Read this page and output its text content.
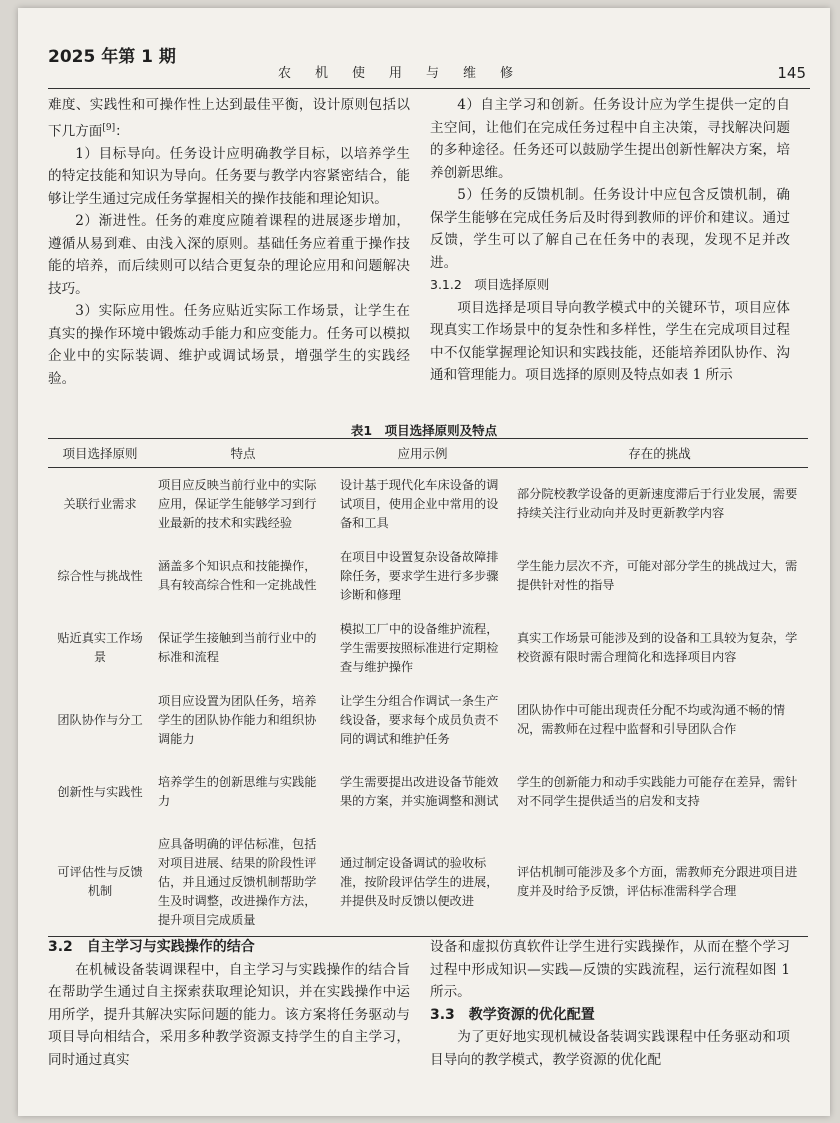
2025 年第 1 期
农机使用与维修	145

难度、实践性和可操作性上达到最佳平衡，设计原则包括以下几方面[9]：

1）目标导向。任务设计应明确教学目标，以培养学生的特定技能和知识为导向。任务要与教学内容紧密结合，能够让学生通过完成任务掌握相关的操作技能和理论知识。

2）渐进性。任务的难度应随着课程的进展逐步增加，遵循从易到难、由浅入深的原则。基础任务应着重于操作技能的培养，而后续则可以结合更复杂的理论应用和问题解决技巧。

3）实际应用性。任务应贴近实际工作场景，让学生在真实的操作环境中锻炼动手能力和应变能力。任务可以模拟企业中的实际装调、维护或调试场景，增强学生的实践经验。

4）自主学习和创新。任务设计应为学生提供一定的自主空间，让他们在完成任务过程中自主决策，寻找解决问题的多种途径。任务还可以鼓励学生提出创新性解决方案，培养创新思维。

5）任务的反馈机制。任务设计中应包含反馈机制，确保学生能够在完成任务后及时得到教师的评价和建议。通过反馈，学生可以了解自己在任务中的表现，发现不足并改进。

3.1.2　项目选择原则

项目选择是项目导向教学模式中的关键环节，项目应体现真实工作场景中的复杂性和多样性，学生在完成项目过程中不仅能掌握理论知识和实践技能，还能培养团队协作、沟通和管理能力。项目选择的原则及特点如表 1 所示

表1　项目选择原则及特点
项目选择原则	特点	应用示例	存在的挑战
关联行业需求	项目应反映当前行业中的实际应用，保证学生能够学习到行业最新的技术和实践经验	设计基于现代化车床设备的调试项目，使用企业中常用的设备和工具	部分院校教学设备的更新速度滞后于行业发展，需要持续关注行业动向并及时更新教学内容
综合性与挑战性	涵盖多个知识点和技能操作，具有较高综合性和一定挑战性	在项目中设置复杂设备故障排除任务，要求学生进行多步骤诊断和修理	学生能力层次不齐，可能对部分学生的挑战过大，需提供针对性的指导
贴近真实工作场景	保证学生接触到当前行业中的标准和流程	模拟工厂中的设备维护流程，学生需要按照标准进行定期检查与维护操作	真实工作场景可能涉及到的设备和工具较为复杂，学校资源有限时需合理简化和选择项目内容
团队协作与分工	项目应设置为团队任务，培养学生的团队协作能力和组织协调能力	让学生分组合作调试一条生产线设备，要求每个成员负责不同的调试和维护任务	团队协作中可能出现责任分配不均或沟通不畅的情况，需教师在过程中监督和引导团队合作
创新性与实践性	培养学生的创新思维与实践能力	学生需要提出改进设备节能效果的方案，并实施调整和测试	学生的创新能力和动手实践能力可能存在差异，需针对不同学生提供适当的启发和支持
可评估性与反馈机制	应具备明确的评估标准，包括对项目进展、结果的阶段性评估，并且通过反馈机制帮助学生及时调整，改进操作方法，提升项目完成质量	通过制定设备调试的验收标准，按阶段评估学生的进展，并提供及时反馈以便改进	评估机制可能涉及多个方面，需教师充分跟进项目进度并及时给予反馈，评估标准需科学合理

3.2　自主学习与实践操作的结合

在机械设备装调课程中，自主学习与实践操作的结合旨在帮助学生通过自主探索获取理论知识，并在实践操作中运用所学，提升其解决实际问题的能力。该方案将任务驱动与项目导向相结合，采用多种教学资源支持学生的自主学习，同时通过真实

设备和虚拟仿真软件让学生进行实践操作，从而在整个学习过程中形成知识—实践—反馈的实践流程，运行流程如图 1 所示。

3.3　教学资源的优化配置

为了更好地实现机械设备装调实践课程中任务驱动和项目导向的教学模式，教学资源的优化配
